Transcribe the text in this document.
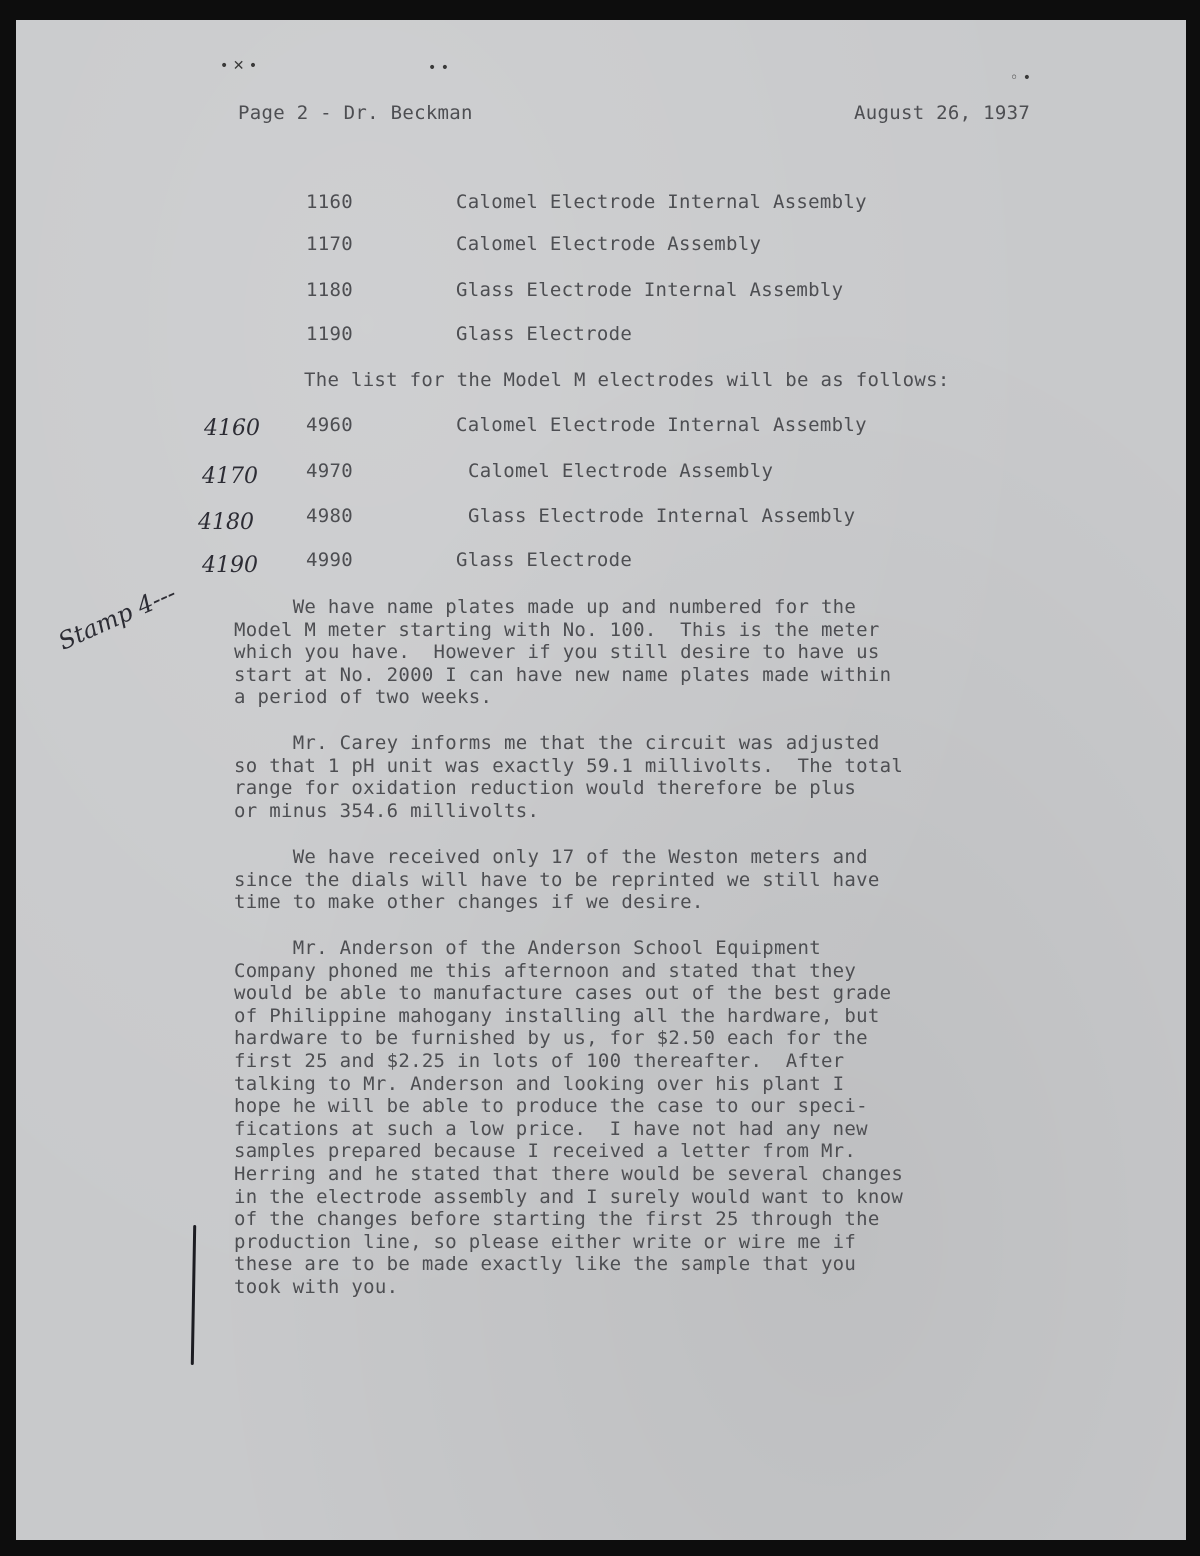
• ✕ •	• •
◦ •
Page 2 - Dr. Beckman	August 26, 1937
1160	Calomel Electrode Internal Assembly
1170	Calomel Electrode Assembly
1180	Glass Electrode Internal Assembly
1190	Glass Electrode
The list for the Model M electrodes will be as follows:
4160 4960	Calomel Electrode Internal Assembly
4170	4970	Calomel Electrode Assembly
4180	4980	Glass Electrode Internal Assembly
4190	4990	Glass Electrode
Stamp 4---	We have name plates made up and numbered for the
Model M meter starting with No. 100.  This is the meter
which you have.  However if you still desire to have us
start at No. 2000 I can have new name plates made within
a period of two weeks.
Mr. Carey informs me that the circuit was adjusted
so that 1 pH unit was exactly 59.1 millivolts.  The total
range for oxidation reduction would therefore be plus
or minus 354.6 millivolts.
We have received only 17 of the Weston meters and
since the dials will have to be reprinted we still have
time to make other changes if we desire.
Mr. Anderson of the Anderson School Equipment
Company phoned me this afternoon and stated that they
would be able to manufacture cases out of the best grade
of Philippine mahogany installing all the hardware, but
hardware to be furnished by us, for $2.50 each for the
first 25 and $2.25 in lots of 100 thereafter.  After
talking to Mr. Anderson and looking over his plant I
hope he will be able to produce the case to our speci-
fications at such a low price.  I have not had any new
samples prepared because I received a letter from Mr.
Herring and he stated that there would be several changes
in the electrode assembly and I surely would want to know
of the changes before starting the first 25 through the
production line, so please either write or wire me if
these are to be made exactly like the sample that you
took with you.
